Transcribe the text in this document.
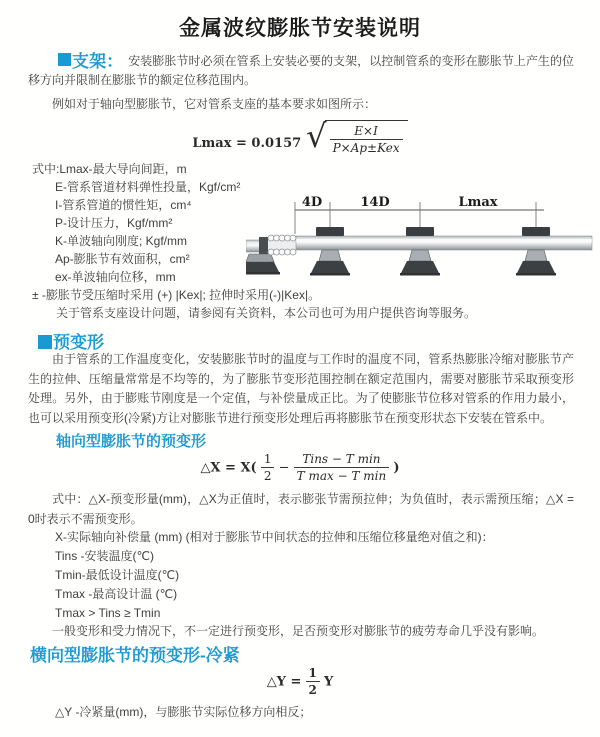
金属波纹膨胀节安装说明

支架： 安装膨胀节时必须在管系上安装必要的支架，以控制管系的变形在膨胀节上产生的位移方向并限制在膨胀节的额定位移范围内。

例如对于轴向型膨胀节，它对管系支座的基本要求如图所示：

Lmax = 0.0157 √	E×I
P×Ap±Kex
式中:Lmax-最大导向间距，m
E-管系管道材料弹性投量，Kgf/cm²
I-管系管道的惯性矩，cm⁴
P-设计压力，Kgf/mm²
K-单波轴向刚度; Kgf/mm
Ap-膨胀节有效面积，cm²
ex-单波轴向位移，mm
± -膨胀节受压缩时采用 (+) |Kex|; 拉伸时采用(-)|Kex|。
关于管系支座设计问题，请参阅有关资料，本公司也可为用户提供咨询等服务。
4D	14D	Lmax
预变形
由于管系的工作温度变化，安装膨胀节时的温度与工作时的温度不同，管系热膨胀冷缩对膨胀节产生的拉伸、压缩量常常是不均等的，为了膨胀节变形范围控制在额定范围内，需要对膨胀节采取预变形处理。另外，由于膨账节刚度是一个定值，与补偿量成正比。为了使膨胀节位移对管系的作用力最小，也可以采用预变形(冷紧)方让对膨胀节进行预变形处理后再将膨胀节在预变形状态下安装在管系中。
轴向型膨胀节的预变形
△X = $X( \frac{1}{2}$ −
Tins − T min
T max − T min
)
式中：△X-预变形量(mm)，△X为正值时，表示膨张节需预拉伸；为负值时，表示需预压缩；△X = 0时表示不需预变形。
X-实际轴向补偿量 (mm) (相对于膨胀节中间状态的拉伸和压缩位移量绝对值之和)：
Tins -安装温度(℃)
Tmin-最低设计温度(℃)
Tmax -最高设计温 (℃)
Tmax > Tins ≥ Tmin
一般变形和受力情况下，不一定进行预变形，足否预变形对膨胀节的疲劳寿命几乎没有影响。
横向型膨胀节的预变形-冷紧
△Y = $\frac{1}{2}$ Y
△Y -冷紧量(mm)，与膨胀节实际位移方向相反；
